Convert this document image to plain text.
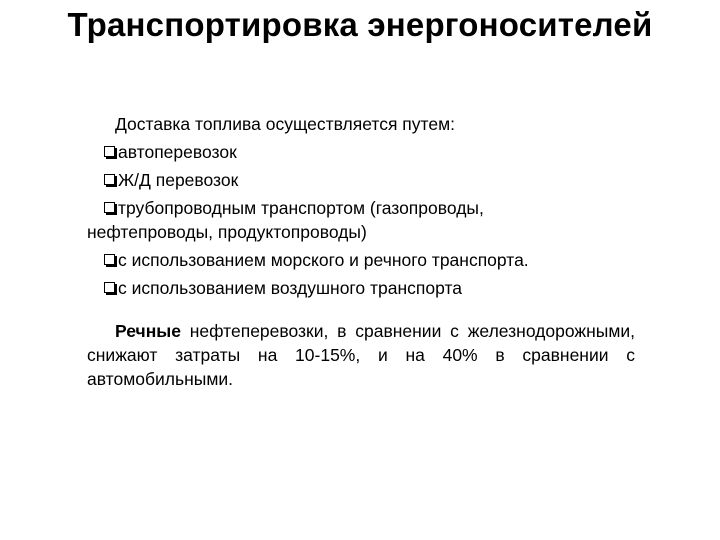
Транспортировка энергоносителей
Доставка топлива осуществляется путем:
автоперевозок
Ж/Д перевозок
трубопроводным транспортом (газопроводы,
нефтепроводы, продуктопроводы)
с использованием морского и речного транспорта.
с использованием воздушного транспорта

Речные нефтеперевозки, в сравнении с железнодорожными, снижают затраты на 10-15%, и на 40% в сравнении с автомобильными.
